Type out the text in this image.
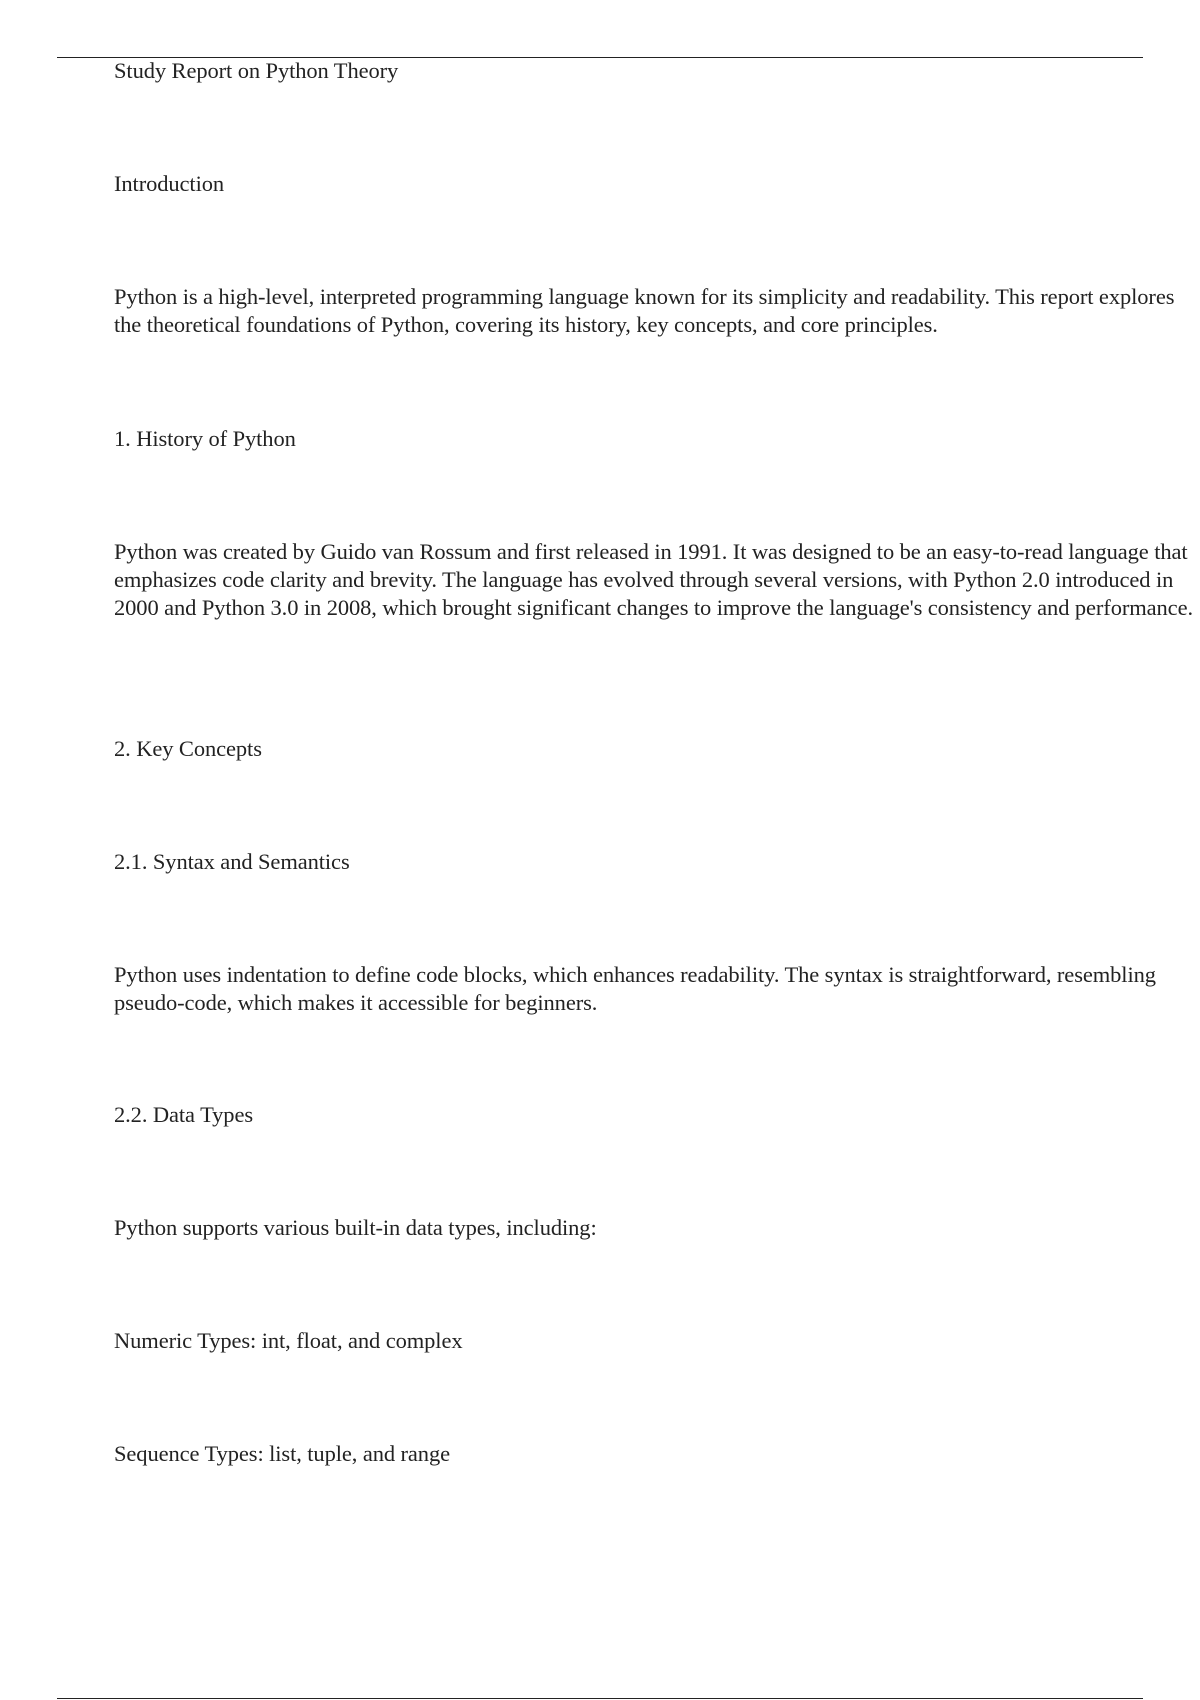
Study Report on Python Theory

Introduction

Python is a high-level, interpreted programming language known for its simplicity and readability. This report explores the theoretical foundations of Python, covering its history, key concepts, and core principles.

1. History of Python

Python was created by Guido van Rossum and first released in 1991. It was designed to be an easy-to-read language that emphasizes code clarity and brevity. The language has evolved through several versions, with Python 2.0 introduced in 2000 and Python 3.0 in 2008, which brought significant changes to improve the language's consistency and performance.

2. Key Concepts

2.1. Syntax and Semantics

Python uses indentation to define code blocks, which enhances readability. The syntax is straightforward, resembling pseudo-code, which makes it accessible for beginners.

2.2. Data Types

Python supports various built-in data types, including:

Numeric Types: int, float, and complex

Sequence Types: list, tuple, and range
